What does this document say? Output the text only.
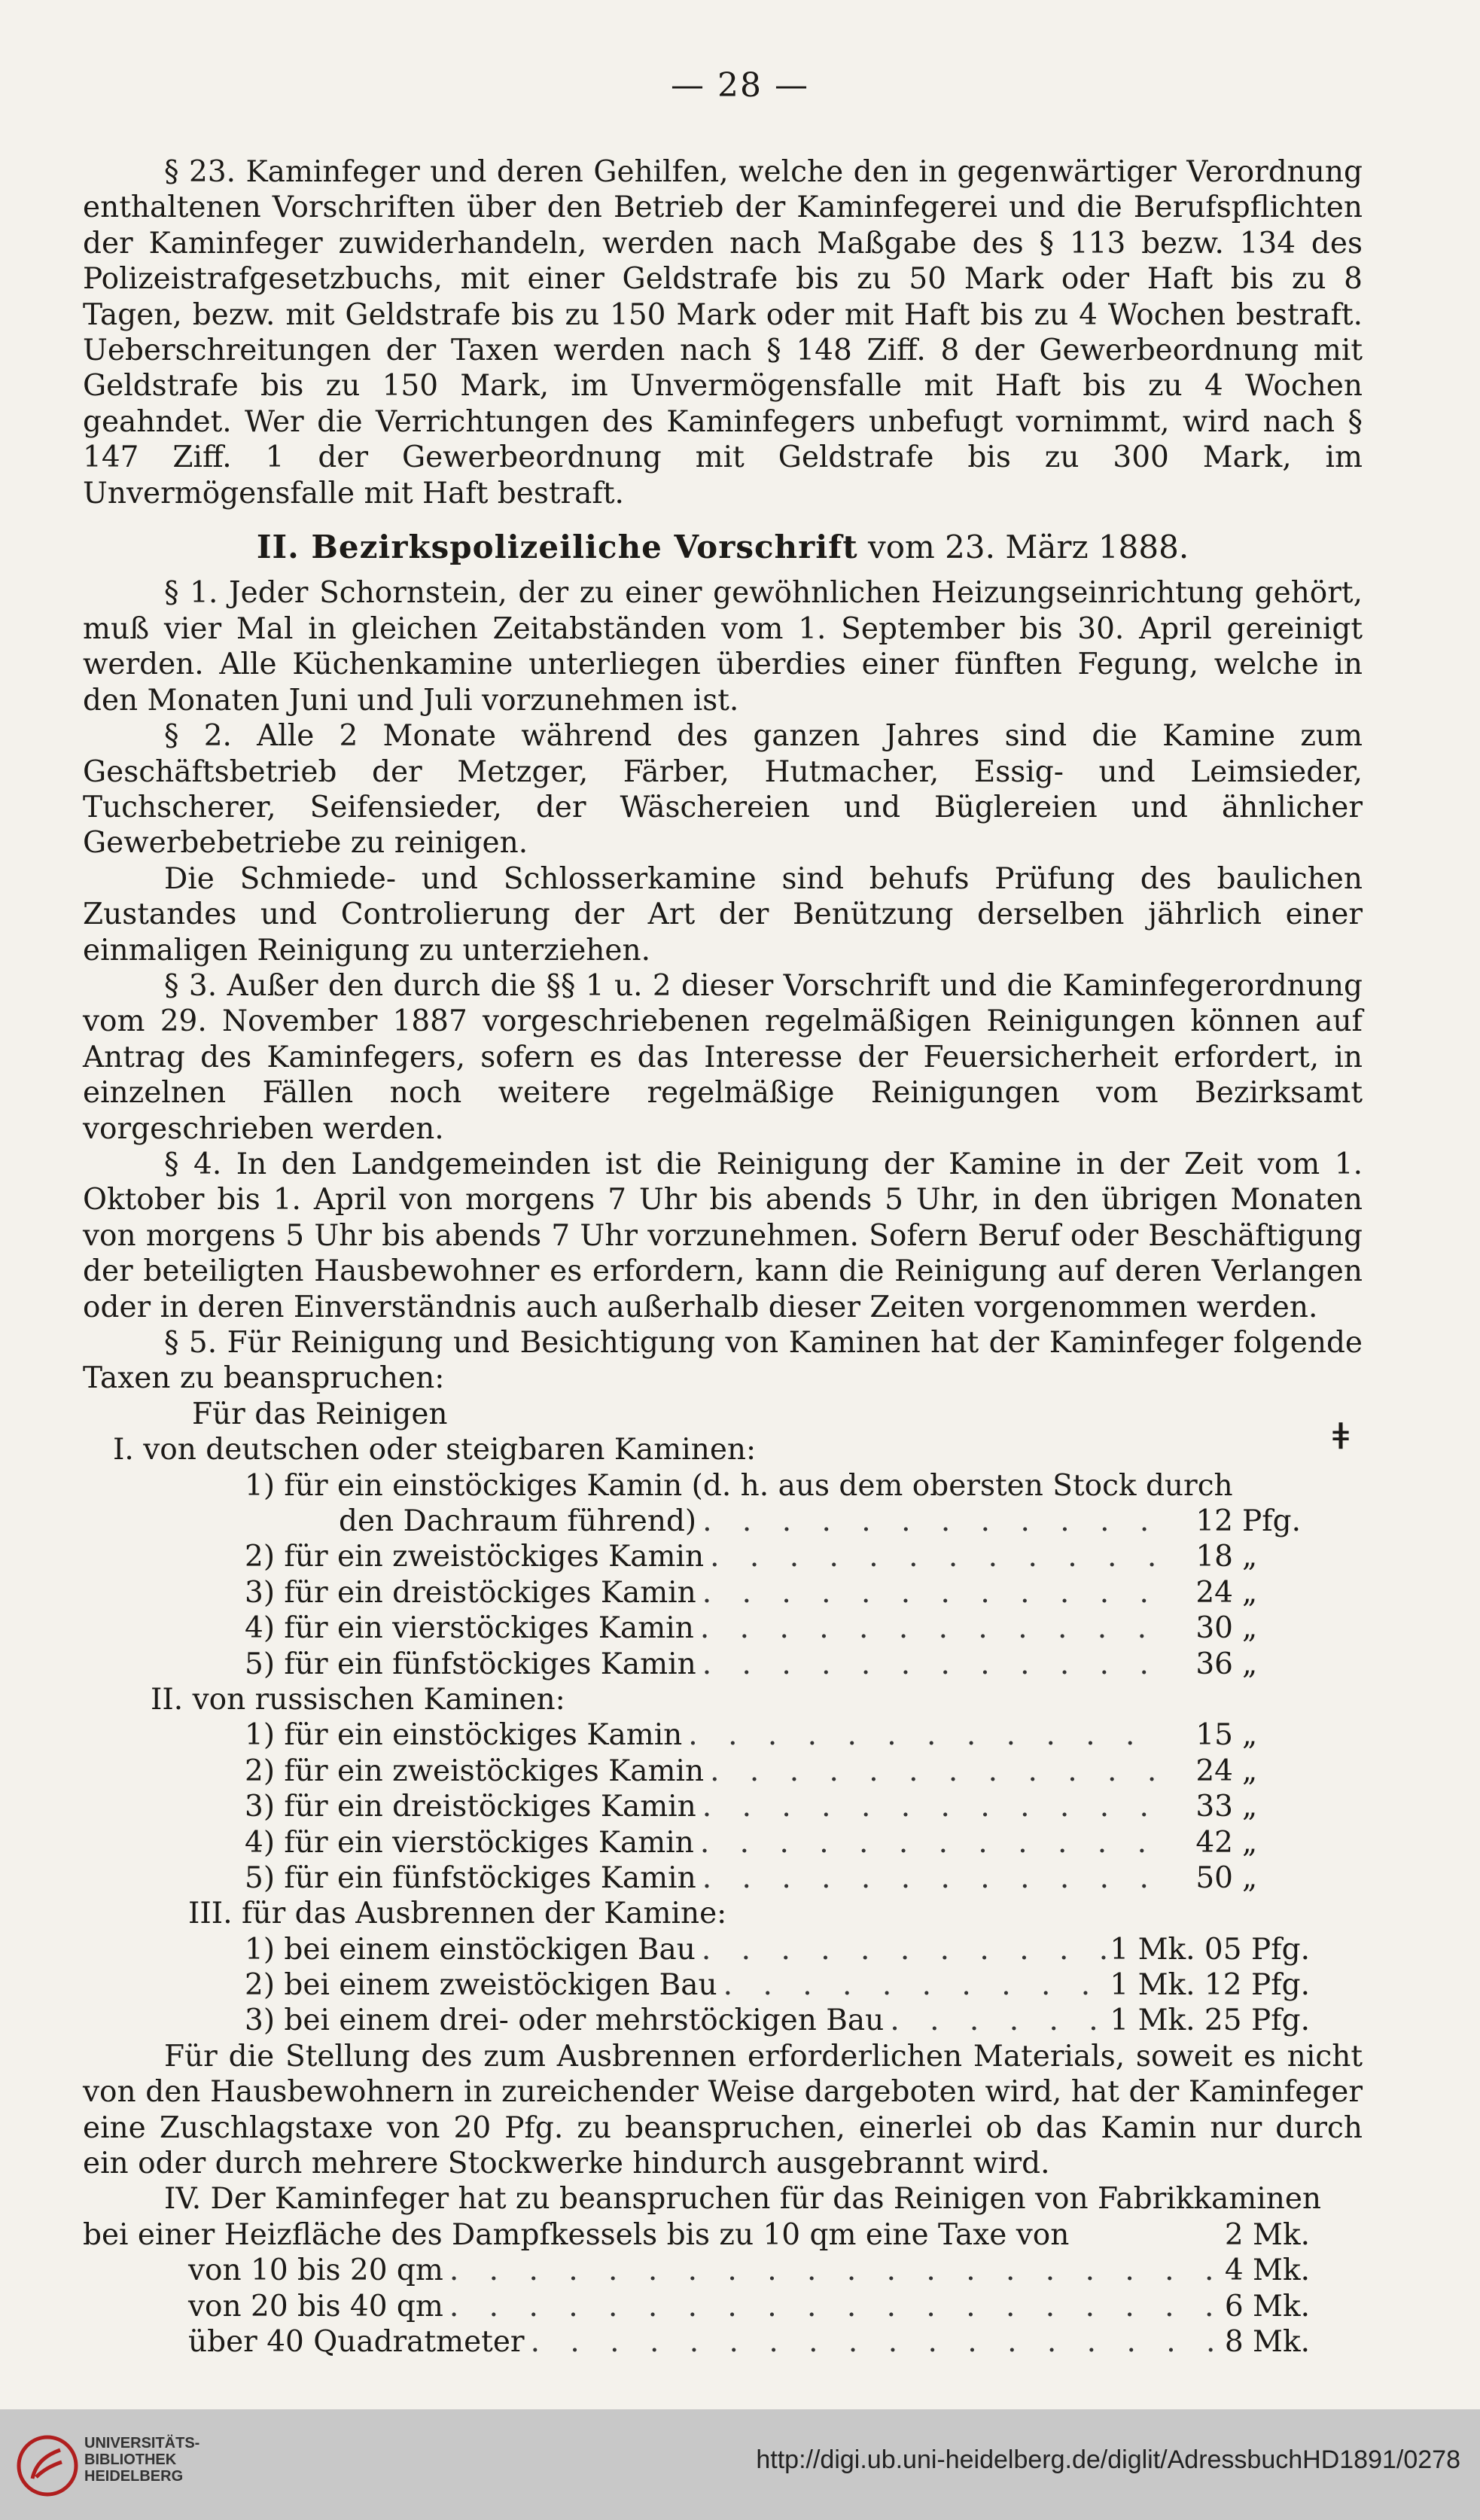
— 28 —

§ 23. Kaminfeger und deren Gehilfen, welche den in gegenwärtiger Verordnung enthaltenen Vorschriften über den Betrieb der Kaminfegerei und die Berufspflichten der Kaminfeger zuwiderhandeln, werden nach Maßgabe des § 113 bezw. 134 des Polizeistrafgesetzbuchs, mit einer Geldstrafe bis zu 50 Mark oder Haft bis zu 8 Tagen, bezw. mit Geldstrafe bis zu 150 Mark oder mit Haft bis zu 4 Wochen bestraft. Ueberschreitungen der Taxen werden nach § 148 Ziff. 8 der Gewerbeordnung mit Geldstrafe bis zu 150 Mark, im Unvermögensfalle mit Haft bis zu 4 Wochen geahndet. Wer die Verrichtungen des Kaminfegers unbefugt vornimmt, wird nach § 147 Ziff. 1 der Gewerbeordnung mit Geldstrafe bis zu 300 Mark, im Unvermögensfalle mit Haft bestraft.

II. Bezirkspolizeiliche Vorschrift vom 23. März 1888.

§ 1. Jeder Schornstein, der zu einer gewöhnlichen Heizungseinrichtung gehört, muß vier Mal in gleichen Zeitabständen vom 1. September bis 30. April gereinigt werden. Alle Küchenkamine unterliegen überdies einer fünften Fegung, welche in den Monaten Juni und Juli vorzunehmen ist.

§ 2. Alle 2 Monate während des ganzen Jahres sind die Kamine zum Geschäftsbetrieb der Metzger, Färber, Hutmacher, Essig- und Leimsieder, Tuchscherer, Seifensieder, der Wäschereien und Büglereien und ähnlicher Gewerbebetriebe zu reinigen.

Die Schmiede- und Schlosserkamine sind behufs Prüfung des baulichen Zustandes und Controlierung der Art der Benützung derselben jährlich einer einmaligen Reinigung zu unterziehen.

§ 3. Außer den durch die §§ 1 u. 2 dieser Vorschrift und die Kaminfegerordnung vom 29. November 1887 vorgeschriebenen regelmäßigen Reinigungen können auf Antrag des Kaminfegers, sofern es das Interesse der Feuersicherheit erfordert, in einzelnen Fällen noch weitere regelmäßige Reinigungen vom Bezirksamt vorgeschrieben werden.

§ 4. In den Landgemeinden ist die Reinigung der Kamine in der Zeit vom 1. Oktober bis 1. April von morgens 7 Uhr bis abends 5 Uhr, in den übrigen Monaten von morgens 5 Uhr bis abends 7 Uhr vorzunehmen. Sofern Beruf oder Beschäftigung der beteiligten Hausbewohner es erfordern, kann die Reinigung auf deren Verlangen oder in deren Einverständnis auch außerhalb dieser Zeiten vorgenommen werden.

§ 5. Für Reinigung und Besichtigung von Kaminen hat der Kaminfeger folgende Taxen zu beanspruchen:

Für das Reinigen
I. von deutschen oder steigbaren Kaminen:
1) für ein einstöckiges Kamin (d. h. aus dem obersten Stock durch
den Dachraum führend) . . .	12 Pfg.
2) für ein zweistöckiges Kamin . . .	18 „
3) für ein dreistöckiges Kamin . . .	24 „
4) für ein vierstöckiges Kamin . . .	30 „
5) für ein fünfstöckiges Kamin . . .	36 „
II. von russischen Kaminen:
1) für ein einstöckiges Kamin . . .	15 „
2) für ein zweistöckiges Kamin . . .	24 „
3) für ein dreistöckiges Kamin . . .	33 „
4) für ein vierstöckiges Kamin . . .	42 „
5) für ein fünfstöckiges Kamin . . .	50 „
III. für das Ausbrennen der Kamine:
1) bei einem einstöckigen Bau . . .	1 Mk. 05 Pfg.
2) bei einem zweistöckigen Bau . . .	1 Mk. 12 Pfg.
3) bei einem drei- oder mehrstöckigen Bau . . .	1 Mk. 25 Pfg.

Für die Stellung des zum Ausbrennen erforderlichen Materials, soweit es nicht von den Hausbewohnern in zureichender Weise dargeboten wird, hat der Kaminfeger eine Zuschlagstaxe von 20 Pfg. zu beanspruchen, einerlei ob das Kamin nur durch ein oder durch mehrere Stockwerke hindurch ausgebrannt wird.

IV. Der Kaminfeger hat zu beanspruchen für das Reinigen von Fabrikkaminen

bei einer Heizfläche des Dampfkessels bis zu 10 qm eine Taxe von	2 Mk.
von 10 bis 20 qm . . .	4 Mk.
von 20 bis 40 qm . . .	6 Mk.
über 40 Quadratmeter . . .	8 Mk.
ǂ
UNIVERSITÄTS-
BIBLIOTHEK
HEIDELBERG
http://digi.ub.uni-heidelberg.de/diglit/AdressbuchHD1891/0278
